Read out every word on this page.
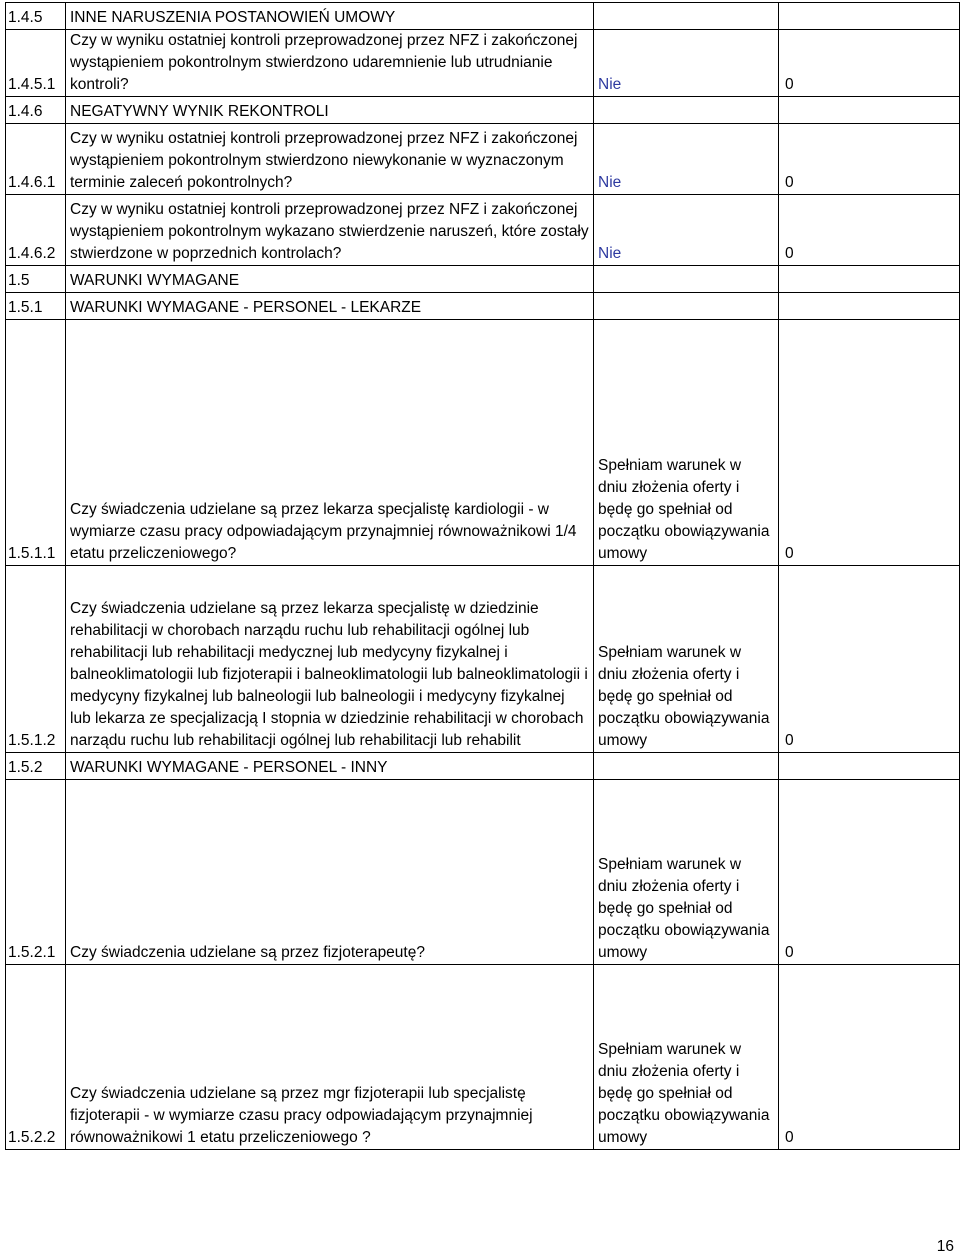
1.4.5	INNE NARUSZENIA POSTANOWIEŃ UMOWY		
1.4.5.1	Czy w wyniku ostatniej kontroli przeprowadzonej przez NFZ i zakończonej wystąpieniem pokontrolnym stwierdzono udaremnienie lub utrudnianie kontroli?	Nie	0
1.4.6	NEGATYWNY WYNIK REKONTROLI		
1.4.6.1	Czy w wyniku ostatniej kontroli przeprowadzonej przez NFZ i zakończonej wystąpieniem pokontrolnym stwierdzono niewykonanie w wyznaczonym terminie zaleceń pokontrolnych?	Nie	0
1.4.6.2	Czy w wyniku ostatniej kontroli przeprowadzonej przez NFZ i zakończonej wystąpieniem pokontrolnym wykazano stwierdzenie naruszeń, które zostały stwierdzone w poprzednich kontrolach?	Nie	0
1.5	WARUNKI WYMAGANE		
1.5.1	WARUNKI WYMAGANE - PERSONEL - LEKARZE		
1.5.1.1	Czy świadczenia udzielane są przez lekarza specjalistę kardiologii - w wymiarze czasu pracy odpowiadającym przynajmniej równoważnikowi 1/4 etatu przeliczeniowego?	Spełniam warunek w dniu złożenia oferty i będę go spełniał od początku obowiązywania umowy	0
1.5.1.2	Czy świadczenia udzielane są przez lekarza specjalistę w dziedzinie rehabilitacji w chorobach narządu ruchu lub rehabilitacji ogólnej lub rehabilitacji lub rehabilitacji medycznej lub medycyny fizykalnej i balneoklimatologii lub fizjoterapii i balneoklimatologii lub balneoklimatologii i medycyny fizykalnej lub balneologii lub balneologii i medycyny fizykalnej lub lekarza ze specjalizacją I stopnia w dziedzinie rehabilitacji w chorobach narządu ruchu lub rehabilitacji ogólnej lub rehabilitacji lub rehabilit	Spełniam warunek w dniu złożenia oferty i będę go spełniał od początku obowiązywania umowy	0
1.5.2	WARUNKI WYMAGANE - PERSONEL - INNY		
1.5.2.1	Czy świadczenia udzielane są przez fizjoterapeutę?	Spełniam warunek w dniu złożenia oferty i będę go spełniał od początku obowiązywania umowy	0
1.5.2.2	Czy świadczenia udzielane są przez mgr fizjoterapii lub specjalistę fizjoterapii - w wymiarze czasu pracy odpowiadającym przynajmniej równoważnikowi 1 etatu przeliczeniowego ?	Spełniam warunek w dniu złożenia oferty i będę go spełniał od początku obowiązywania umowy	0
16
